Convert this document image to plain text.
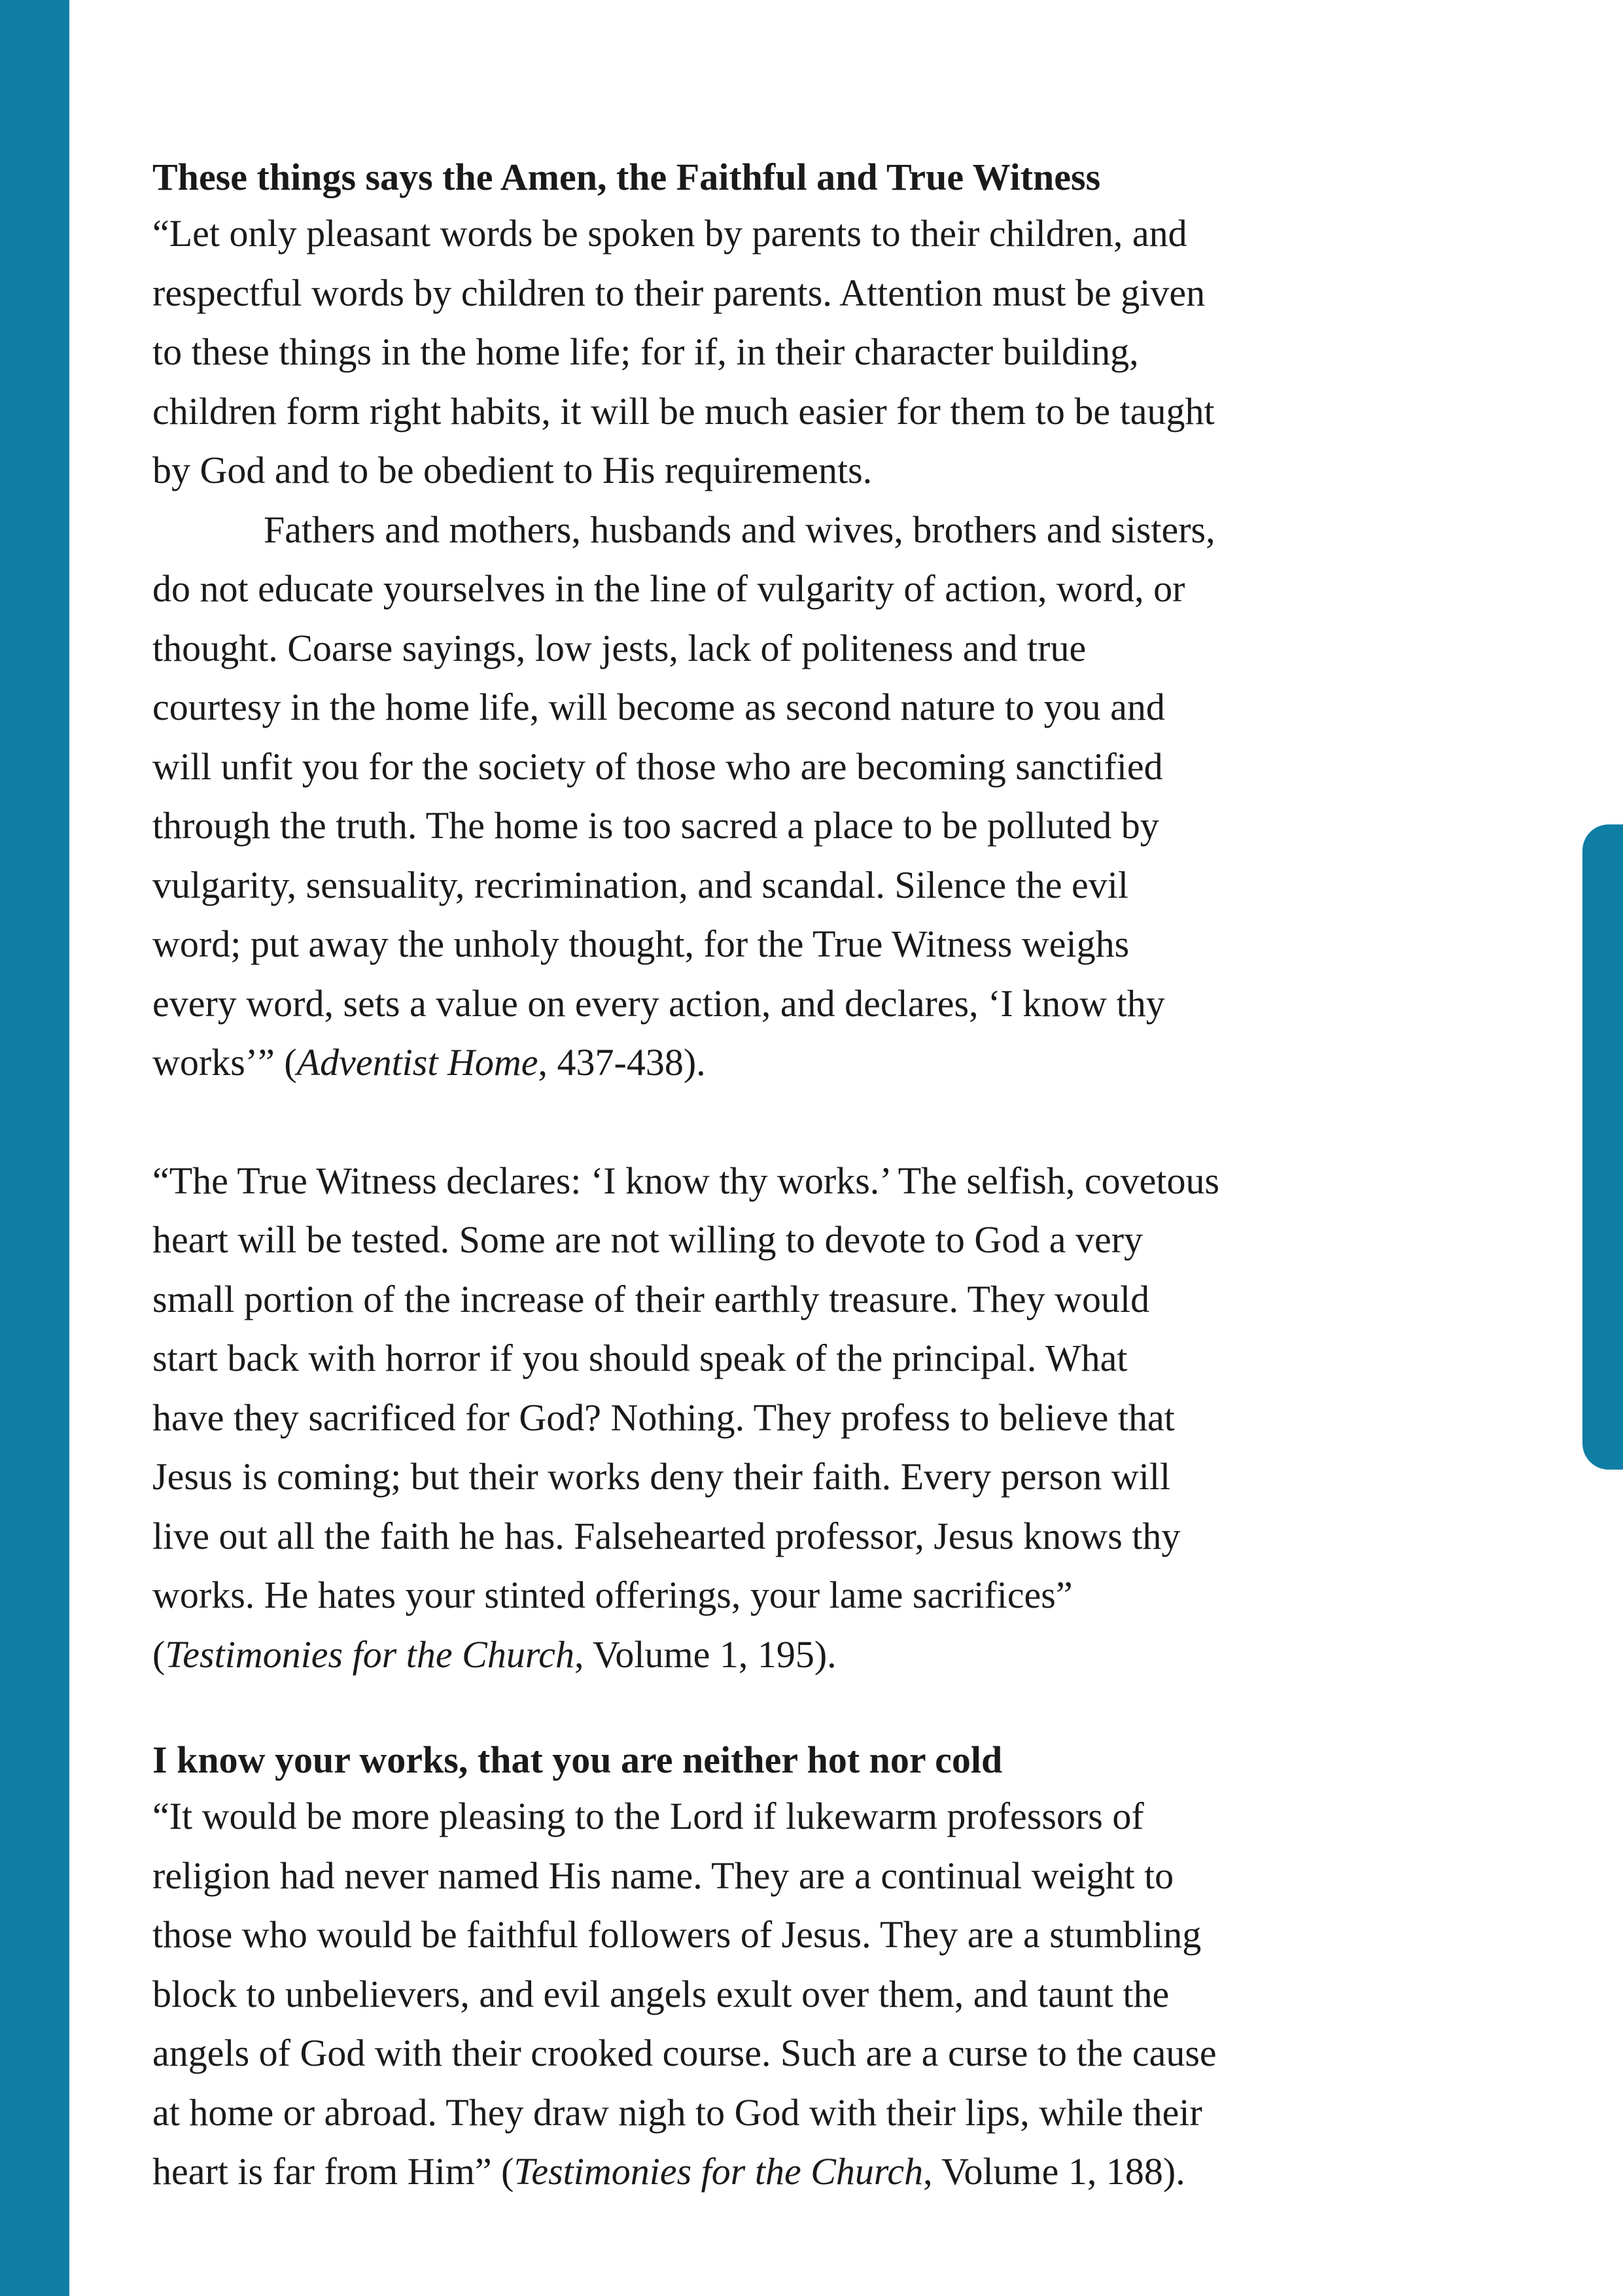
These things says the Amen, the Faithful and True Witness

“Let only pleasant words be spoken by parents to their children, and
respectful words by children to their parents. Attention must be given
to these things in the home life; for if, in their character building,
children form right habits, it will be much easier for them to be taught
by God and to be obedient to His requirements.
Fathers and mothers, husbands and wives, brothers and sisters,
do not educate yourselves in the line of vulgarity of action, word, or
thought. Coarse sayings, low jests, lack of politeness and true
courtesy in the home life, will become as second nature to you and
will unfit you for the society of those who are becoming sanctified
through the truth. The home is too sacred a place to be polluted by
vulgarity, sensuality, recrimination, and scandal. Silence the evil
word; put away the unholy thought, for the True Witness weighs
every word, sets a value on every action, and declares, ‘I know thy
works’” (Adventist Home, 437-438).

“The True Witness declares: ‘I know thy works.’ The selfish, covetous
heart will be tested. Some are not willing to devote to God a very
small portion of the increase of their earthly treasure. They would
start back with horror if you should speak of the principal. What
have they sacrificed for God? Nothing. They profess to believe that
Jesus is coming; but their works deny their faith. Every person will
live out all the faith he has. Falsehearted professor, Jesus knows thy
works. He hates your stinted offerings, your lame sacrifices”
(Testimonies for the Church, Volume 1, 195).

I know your works, that you are neither hot nor cold

“It would be more pleasing to the Lord if lukewarm professors of
religion had never named His name. They are a continual weight to
those who would be faithful followers of Jesus. They are a stumbling
block to unbelievers, and evil angels exult over them, and taunt the
angels of God with their crooked course. Such are a curse to the cause
at home or abroad. They draw nigh to God with their lips, while their
heart is far from Him” (Testimonies for the Church, Volume 1, 188).
